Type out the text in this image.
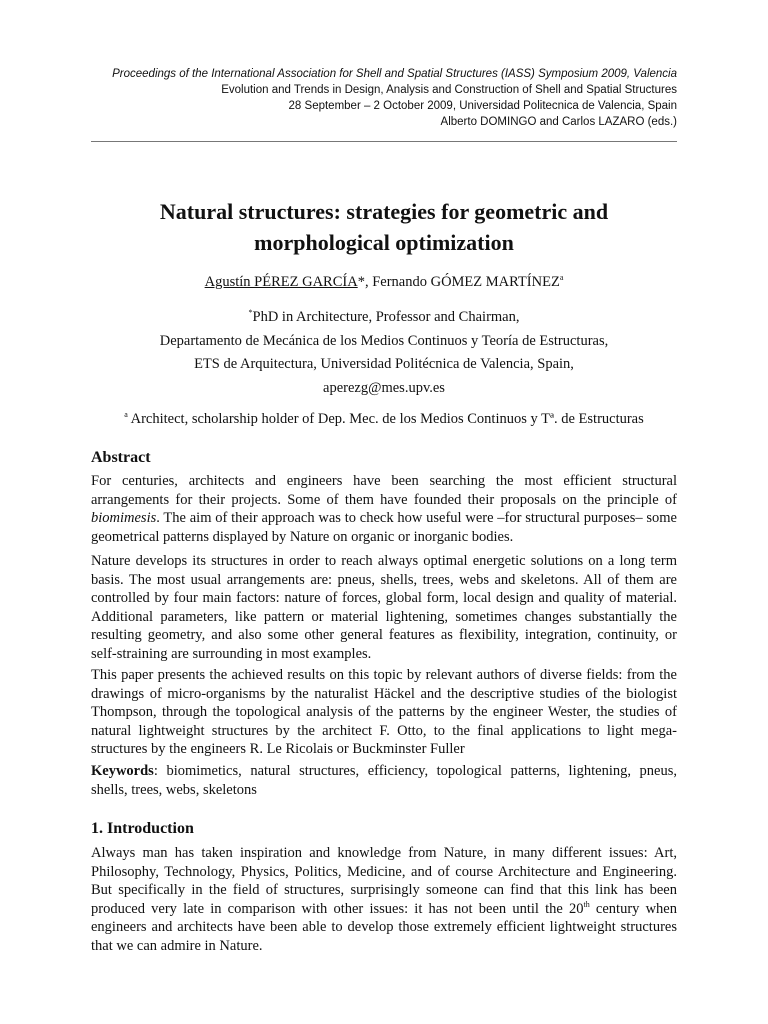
Proceedings of the International Association for Shell and Spatial Structures (IASS) Symposium 2009, Valencia
Evolution and Trends in Design, Analysis and Construction of Shell and Spatial Structures
28 September – 2 October 2009, Universidad Politecnica de Valencia, Spain
Alberto DOMINGO and Carlos LAZARO (eds.)
Natural structures: strategies for geometric and
morphological optimization
Agustín PÉREZ GARCÍA*, Fernando GÓMEZ MARTÍNEZ$^a$
*PhD in Architecture, Professor and Chairman,
Departamento de Mecánica de los Medios Continuos y Teoría de Estructuras,
ETS de Arquitectura, Universidad Politécnica de Valencia, Spain,
aperezg@mes.upv.es
$^a$ Architect, scholarship holder of Dep. Mec. de los Medios Continuos y Tª. de Estructuras
Abstract

For centuries, architects and engineers have been searching the most efficient structural arrangements for their projects. Some of them have founded their proposals on the principle of biomimesis. The aim of their approach was to check how useful were –for structural purposes– some geometrical patterns displayed by Nature on organic or inorganic bodies.

Nature develops its structures in order to reach always optimal energetic solutions on a long term basis. The most usual arrangements are: pneus, shells, trees, webs and skeletons. All of them are controlled by four main factors: nature of forces, global form, local design and quality of material. Additional parameters, like pattern or material lightening, sometimes changes substantially the resulting geometry, and also some other general features as flexibility, integration, continuity, or self-straining are surrounding in most examples.

This paper presents the achieved results on this topic by relevant authors of diverse fields: from the drawings of micro-organisms by the naturalist Häckel and the descriptive studies of the biologist Thompson, through the topological analysis of the patterns by the engineer Wester, the studies of natural lightweight structures by the architect F. Otto, to the final applications to light mega-structures by the engineers R. Le Ricolais or Buckminster Fuller

Keywords: biomimetics, natural structures, efficiency, topological patterns, lightening, pneus, shells, trees, webs, skeletons

1. Introduction

Always man has taken inspiration and knowledge from Nature, in many different issues: Art, Philosophy, Technology, Physics, Politics, Medicine, and of course Architecture and Engineering. But specifically in the field of structures, surprisingly someone can find that this link has been produced very late in comparison with other issues: it has not been until the 20th century when engineers and architects have been able to develop those extremely efficient lightweight structures that we can admire in Nature.
